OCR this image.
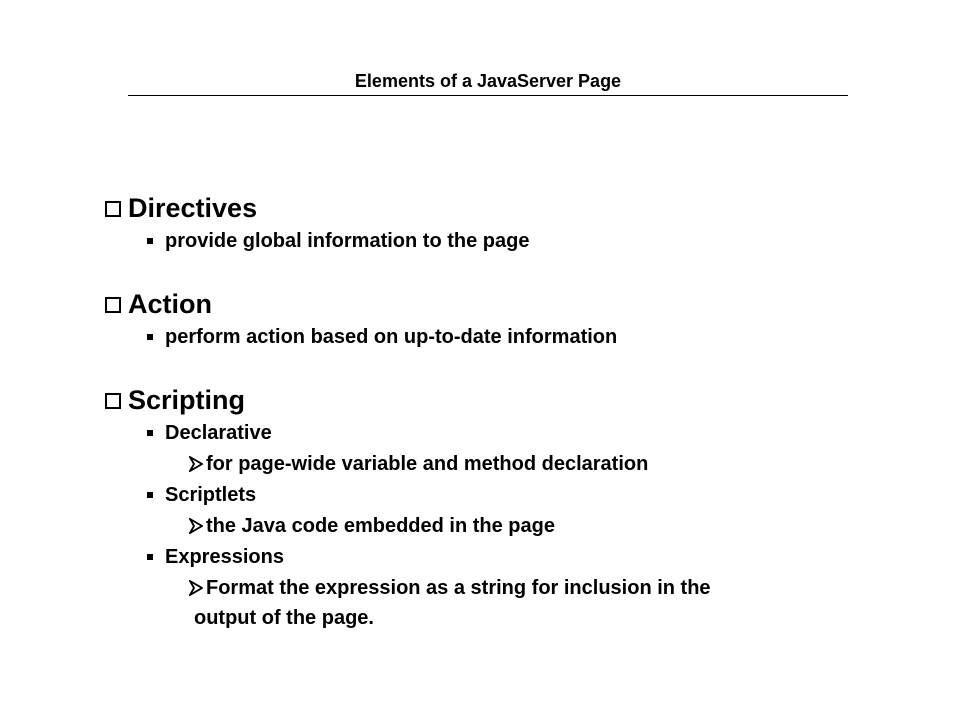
Elements of a JavaServer Page
Directives
provide global information to the page
Action
perform action based on up-to-date information
Scripting
Declarative
for page-wide variable and method declaration
Scriptlets
the Java code embedded in the page
Expressions
Format the expression as a string for inclusion in the
output of the page.
